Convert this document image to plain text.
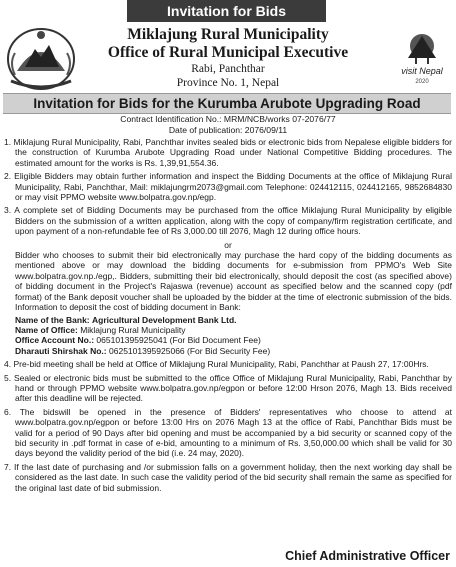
Invitation for Bids
visit Nepal
2020
Miklajung Rural Municipality
Office of Rural Municipal Executive
Rabi, Panchthar
Province No. 1, Nepal
Invitation for Bids for the Kurumba Arubote Upgrading Road
Contract Identification No.: MRM/NCB/works 07-2076/77
Date of publication: 2076/09/11

1. Miklajung Rural Municipality, Rabi, Panchthar invites sealed bids or electronic bids from Nepalese eligible bidders for the construction of Kurumba Arubote Upgrading Road under National Competitive Bidding procedures. The estimated amount for the works is Rs. 1,39,91,554.36.

2. Eligible Bidders may obtain further information and inspect the Bidding Documents at the office of Miklajung Rural Municipality, Rabi, Panchthar, Mail: miklajungrm2073@gmail.com Telephone: 024412115, 024412165, 9852684830 or may visit PPMO website www.bolpatra.gov.np/egp.

3. A complete set of Bidding Documents may be purchased from the office Miklajung Rural Municipality by eligible Bidders on the submission of a written application, along with the copy of company/firm registration certificate, and upon payment of a non-refundable fee of Rs 3,000.00 till 2076, Magh 12 during office hours.

or

Bidder who chooses to submit their bid electronically may purchase the hard copy of the bidding documents as mentioned above or may download the bidding documents for e-submission from PPMO's Web Site www.bolpatra.gov.np./egp,. Bidders, submitting their bid electronically, should deposit the cost (as specified above) of bidding document in the Project's Rajaswa (revenue) account as specified below and the scanned copy (pdf format) of the Bank deposit voucher shall be uploaded by the bidder at the time of electronic submission of the bids. Information to deposit the cost of bidding document in Bank:

Name of the Bank: Agricultural Development Bank Ltd.

Name of Office: Miklajung Rural Municipality

Office Account No.: 065101395925041 (For Bid Document Fee)

Dharauti Shirshak No.: 0625101395925066 (For Bid Security Fee)

4. Pre-bid meeting shall be held at Office of Miklajung Rural Municipality, Rabi, Panchthar at Paush 27, 17:00Hrs.

5. Sealed or electronic bids must be submitted to the office Office of Miklajung Rural Municipality, Rabi, Panchthar by hand or through PPMO website www.bolpatra.gov.np/egpon or before 12:00 Hrson 2076, Magh 13. Bids received after this deadline will be rejected.

6. The bidswill be opened in the presence of Bidders' representatives who choose to attend at www.bolpatra.gov.np/egpon or before 13:00 Hrs on 2076 Magh 13 at the office of Rabi, Panchthar Bids must be valid for a period of 90 Days after bid opening and must be accompanied by a bid security or scanned copy of the bid security in .pdf format in case of e-bid, amounting to a minimum of Rs. 3,50,000.00 which shall be valid for 30 days beyond the validity period of the bid (i.e. 24 may, 2020).

7. If the last date of purchasing and /or submission falls on a government holiday, then the next working day shall be considered as the last date. In such case the validity period of the bid security shall remain the same as specified for the original last date of bid submission.

Chief Administrative Officer
